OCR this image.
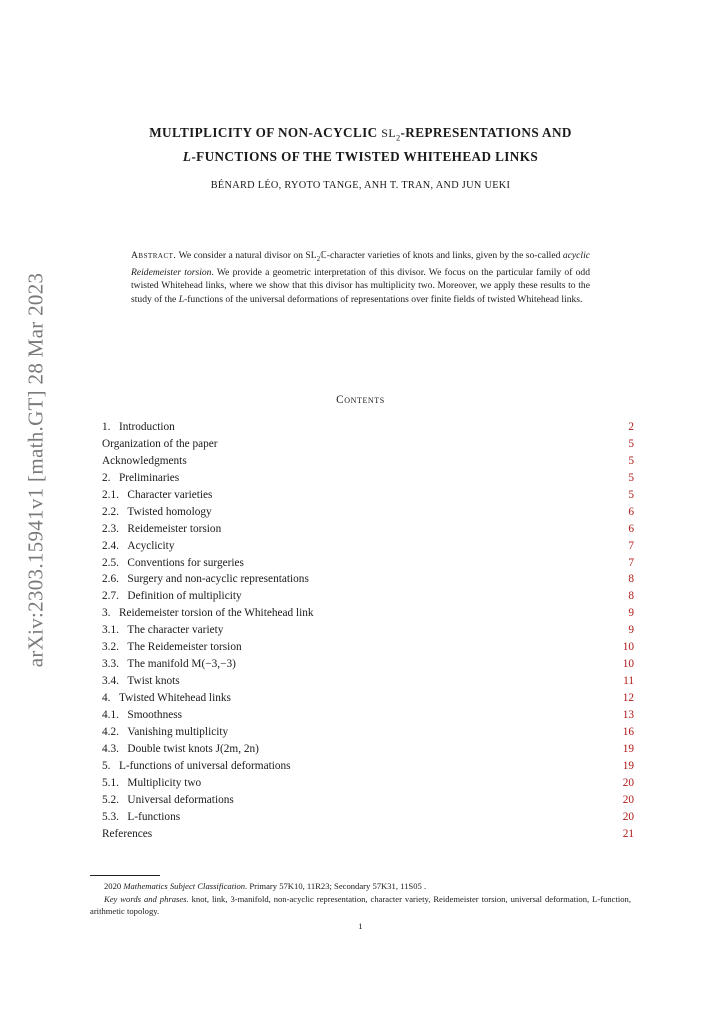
arXiv:2303.15941v1 [math.GT] 28 Mar 2023
MULTIPLICITY OF NON-ACYCLIC $SL_2$-REPRESENTATIONS AND
L-FUNCTIONS OF THE TWISTED WHITEHEAD LINKS
BÉNARD LÉO, RYOTO TANGE, ANH T. TRAN, AND JUN UEKI
Abstract. We consider a natural divisor on $SL_2ℂ$-character varieties of knots and links, given by the so-called acyclic Reidemeister torsion. We provide a geometric interpretation of this divisor. We focus on the particular family of odd twisted Whitehead links, where we show that this divisor has multiplicity two. Moreover, we apply these results to the study of the L-functions of the universal deformations of representations over finite fields of twisted Whitehead links.
Contents
1. Introduction	2
Organization of the paper	5
Acknowledgments	5
2. Preliminaries	5
2.1. Character varieties	5
2.2. Twisted homology	6
2.3. Reidemeister torsion	6
2.4. Acyclicity	7
2.5. Conventions for surgeries	7
2.6. Surgery and non-acyclic representations	8
2.7. Definition of multiplicity	8
3. Reidemeister torsion of the Whitehead link	9
3.1. The character variety	9
3.2. The Reidemeister torsion	10
3.3. The manifold M(−3,−3)	10
3.4. Twist knots	11
4. Twisted Whitehead links	12
4.1. Smoothness	13
4.2. Vanishing multiplicity	16
4.3. Double twist knots J(2m, 2n)	19
5. L-functions of universal deformations	19
5.1. Multiplicity two	20
5.2. Universal deformations	20
5.3. L-functions	20
References	21
2020 Mathematics Subject Classification. Primary 57K10, 11R23; Secondary 57K31, 11S05 .
Key words and phrases. knot, link, 3-manifold, non-acyclic representation, character variety, Reidemeister torsion, universal deformation, L-function, arithmetic topology.
1
